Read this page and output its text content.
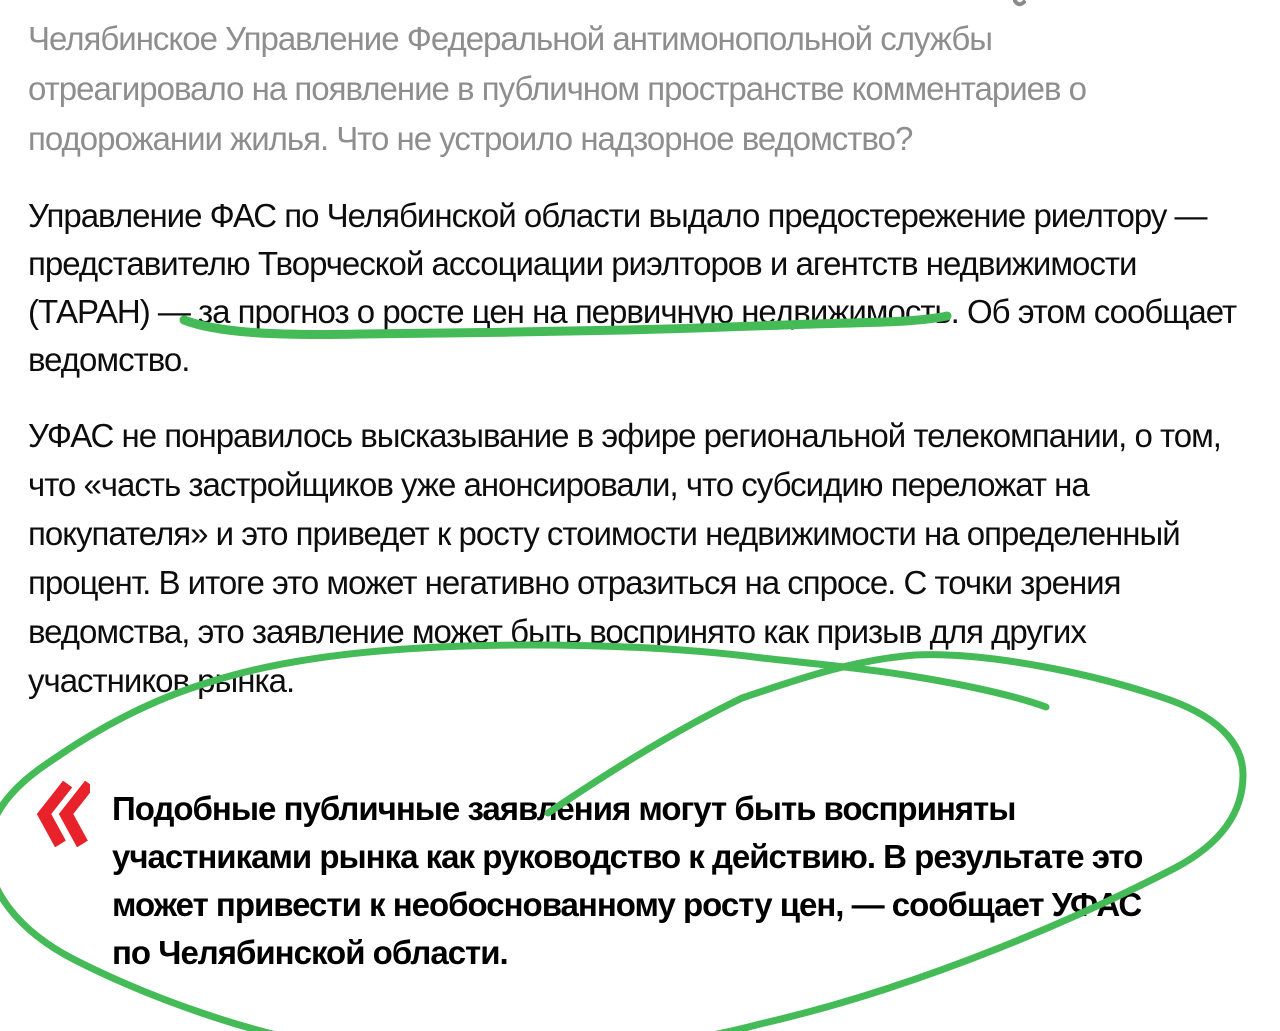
Челябинское Управление Федеральной антимонопольной службы
отреагировало на появление в публичном пространстве комментариев о
подорожании жилья. Что не устроило надзорное ведомство?
Управление ФАС по Челябинской области выдало предостережение риелтору —
представителю Творческой ассоциации риэлторов и агентств недвижимости
(ТАРАН) — за прогноз о росте цен на первичную недвижимость. Об этом сообщает
ведомство.
УФАС не понравилось высказывание в эфире региональной телекомпании, о том,
что «часть застройщиков уже анонсировали, что субсидию переложат на
покупателя» и это приведет к росту стоимости недвижимости на определенный
процент. В итоге это может негативно отразиться на спросе. С точки зрения
ведомства, это заявление может быть воспринято как призыв для других
участников рынка.
Подобные публичные заявления могут быть восприняты
участниками рынка как руководство к действию. В результате это
может привести к необоснованному росту цен, — сообщает УФАС
по Челябинской области.
